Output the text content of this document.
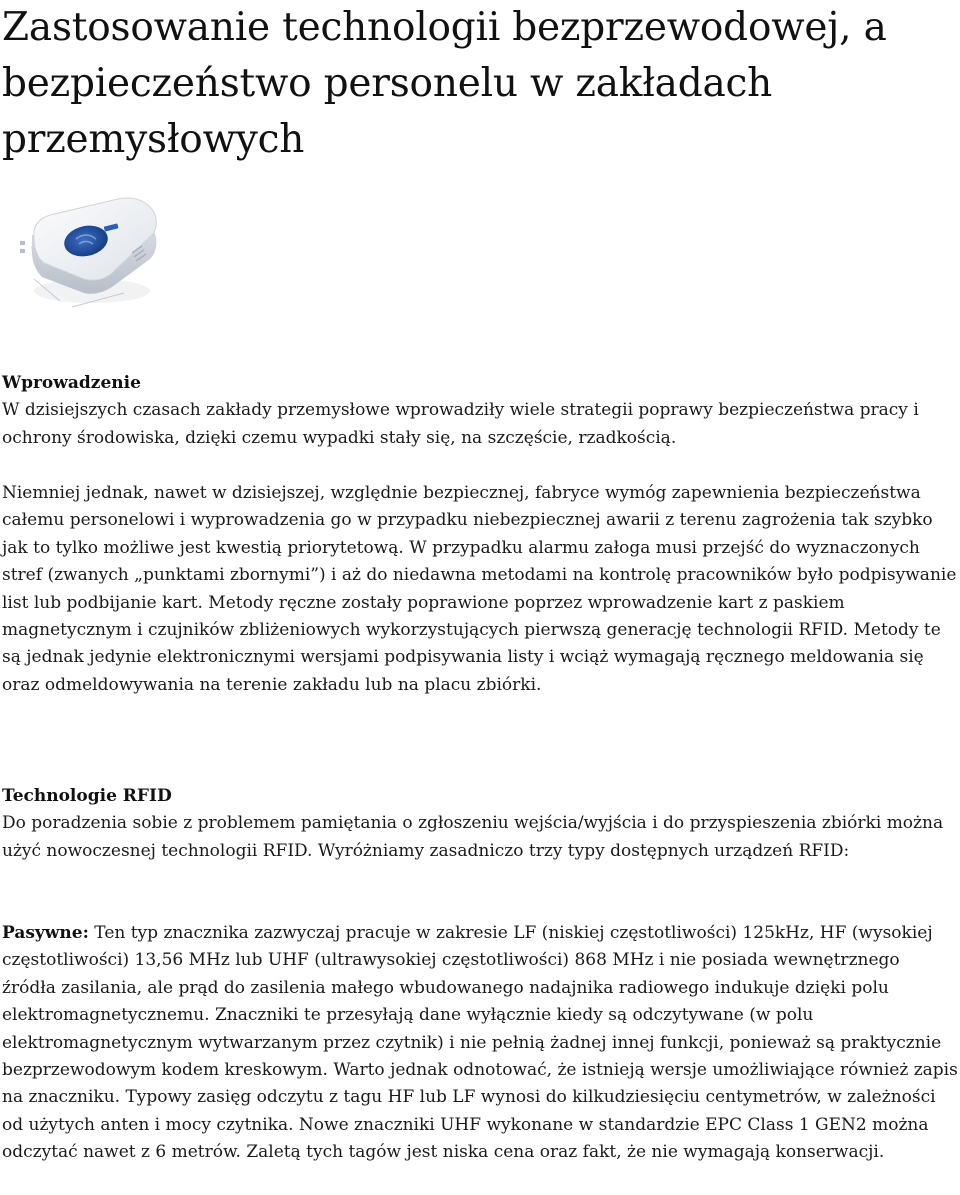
Zastosowanie technologii bezprzewodowej, a bezpieczeństwo personelu w zakładach przemysłowych
Wprowadzenie
W dzisiejszych czasach zakłady przemysłowe wprowadziły wiele strategii poprawy bezpieczeństwa pracy i ochrony środowiska, dzięki czemu wypadki stały się, na szczęście, rzadkością.
Niemniej jednak, nawet w dzisiejszej, względnie bezpiecznej, fabryce wymóg zapewnienia bezpieczeństwa całemu personelowi i wyprowadzenia go w przypadku niebezpiecznej awarii z terenu zagrożenia tak szybko jak to tylko możliwe jest kwestią priorytetową. W przypadku alarmu załoga musi przejść do wyznaczonych stref (zwanych „punktami zbornymi”) i aż do niedawna metodami na kontrolę pracowników było podpisywanie list lub podbijanie kart. Metody ręczne zostały poprawione poprzez wprowadzenie kart z paskiem magnetycznym i czujników zbliżeniowych wykorzystujących pierwszą generację technologii RFID. Metody te są jednak jedynie elektronicznymi wersjami podpisywania listy i wciąż wymagają ręcznego meldowania się oraz odmeldowywania na terenie zakładu lub na placu zbiórki.
Technologie RFID
Do poradzenia sobie z problemem pamiętania o zgłoszeniu wejścia/wyjścia i do przyspieszenia zbiórki można użyć nowoczesnej technologii RFID. Wyróżniamy zasadniczo trzy typy dostępnych urządzeń RFID:
Pasywne: Ten typ znacznika zazwyczaj pracuje w zakresie LF (niskiej częstotliwości) 125kHz, HF (wysokiej częstotliwości) 13,56 MHz lub UHF (ultrawysokiej częstotliwości) 868 MHz i nie posiada wewnętrznego źródła zasilania, ale prąd do zasilenia małego wbudowanego nadajnika radiowego indukuje dzięki polu elektromagnetycznemu. Znaczniki te przesyłają dane wyłącznie kiedy są odczytywane (w polu elektromagnetycznym wytwarzanym przez czytnik) i nie pełnią żadnej innej funkcji, ponieważ są praktycznie bezprzewodowym kodem kreskowym. Warto jednak odnotować, że istnieją wersje umożliwiające również zapis na znaczniku. Typowy zasięg odczytu z tagu HF lub LF wynosi do kilkudziesięciu centymetrów, w zależności od użytych anten i mocy czytnika. Nowe znaczniki UHF wykonane w standardzie EPC Class 1 GEN2 można odczytać nawet z 6 metrów. Zaletą tych tagów jest niska cena oraz fakt, że nie wymagają konserwacji.
